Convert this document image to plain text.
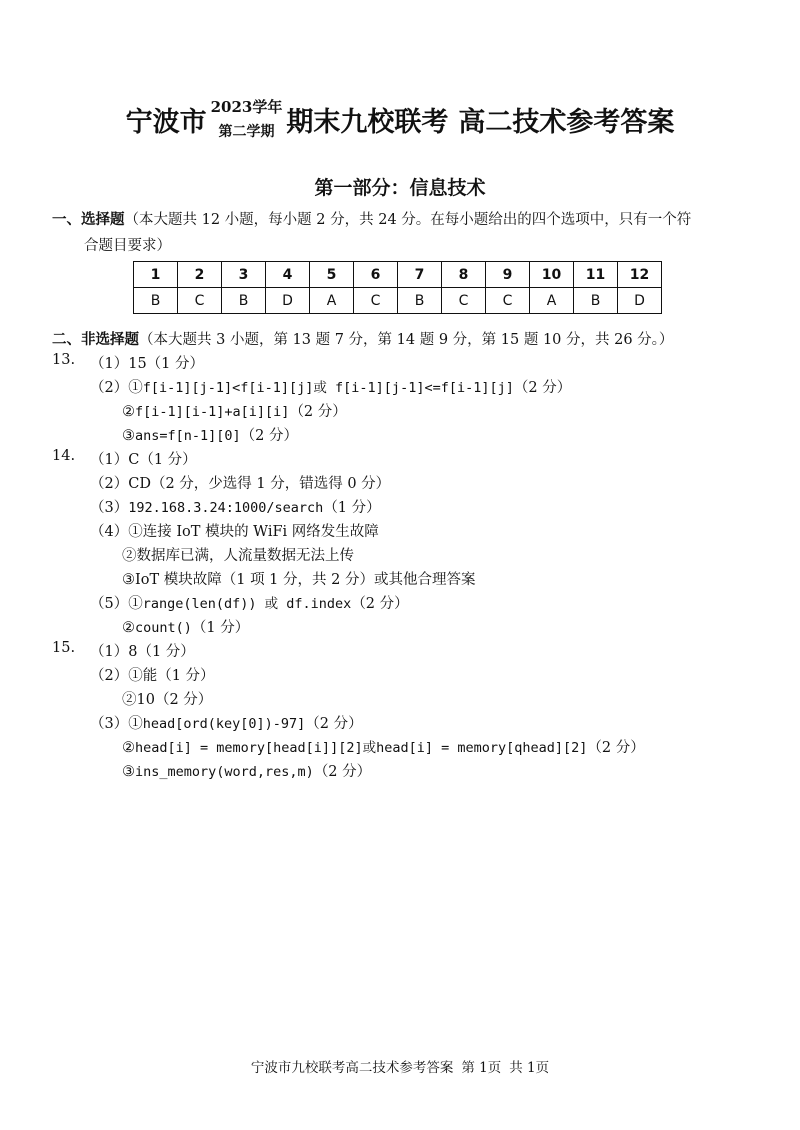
宁波市 2023学年
第二学期 期末九校联考 高二技术参考答案
第一部分：信息技术
一、选择题（本大题共 12 小题，每小题 2 分，共 24 分。在每小题给出的四个选项中，只有一个符
合题目要求）
1	2	3	4	5	6	7	8	9	10	11	12
B	C	B	D	A	C	B	C	C	A	B	D
二、非选择题（本大题共 3 小题，第 13 题 7 分，第 14 题 9 分，第 15 题 10 分，共 26 分。）
13. （1）15（1 分）
（2）①f[i-1][j-1]<f[i-1][j]或 f[i-1][j-1]<=f[i-1][j]（2 分）
②f[i-1][i-1]+a[i][i]（2 分）
③ans=f[n-1][0]（2 分）
14. （1）C（1 分）
（2）CD（2 分，少选得 1 分，错选得 0 分）
（3）192.168.3.24:1000/search（1 分）
（4）①连接 IoT 模块的 WiFi 网络发生故障
②数据库已满，人流量数据无法上传
③IoT 模块故障（1 项 1 分，共 2 分）或其他合理答案
（5）①range(len(df)) 或 df.index（2 分）
②count()（1 分）
15. （1）8（1 分）
（2）①能（1 分）
②10（2 分）
（3）①head[ord(key[0])-97]（2 分）
②head[i] = memory[head[i]][2]或head[i] = memory[qhead][2]（2 分）
③ins_memory(word,res,m)（2 分）
宁波市九校联考高二技术参考答案 第 1页 共 1页
